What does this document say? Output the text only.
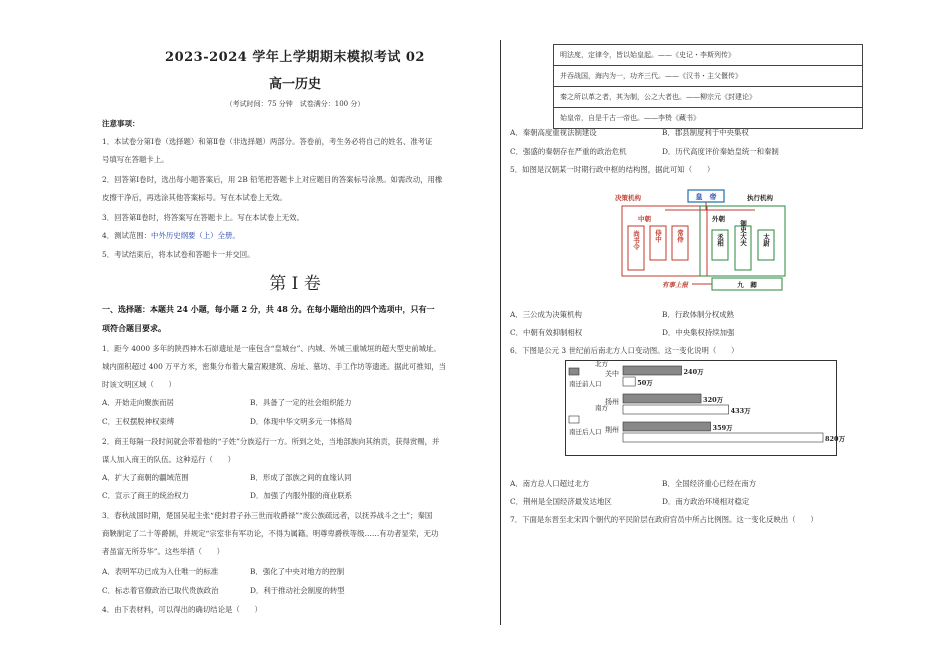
2023-2024 学年上学期期末模拟考试 02
高一历史
（考试时间：75 分钟　试卷满分：100 分）
注意事项：
1．本试卷分第Ⅰ卷（选择题）和第Ⅱ卷（非选择题）两部分。答卷前，考生务必将自己的姓名、准考证
号填写在答题卡上。
2．回答第Ⅰ卷时，选出每小题答案后，用 2B 铅笔把答题卡上对应题目的答案标号涂黑。如需改动，用橡
皮擦干净后，再选涂其他答案标号。写在本试卷上无效。
3．回答第Ⅱ卷时，将答案写在答题卡上。写在本试卷上无效。
4．测试范围：中外历史纲要（上）全册。
5．考试结束后，将本试卷和答题卡一并交回。
第 I 卷
一、选择题：本题共 24 小题，每小题 2 分，共 48 分。在每小题给出的四个选项中，只有一
项符合题目要求。
1．距今 4000 多年的陕西神木石峁遗址是一座包含“皇城台”、内城、外城三重城垣的超大型史前城址。
城内面积超过 400 万平方米，密集分布着大量宫殿建筑、房址、墓坊、手工作坊等遗迹。据此可推知，当
时该文明区域（　　）
A．开始走向聚族而居	B．具备了一定的社会组织能力
C．王权摆脱神权束缚	D．体现中华文明多元一体格局
2．商王每隔一段时间就会带着他的“子姓”分族巡行一方。所到之处，当地部族向其纳贡，获得赏赐，并
谋人加入商王的队伍。这种巡行（　　）
A．扩大了商朝的疆域范围	B．形成了部族之间的血缘认同
C．宣示了商王的统治权力	D．加强了内服外服的商业联系
3．春秋战国时期，楚国吴起主张“使封君子孙三世而收爵禄”“废公族疏远者，以抚养战斗之士”；秦国
商鞅制定了二十等爵制，并规定“宗室非有军功论，不得为属籍。明尊卑爵秩等级……有功者显荣，无功
者虽富无所芬华”。这些举措（　　）
A．表明军功已成为入仕唯一的标准	B．强化了中央对地方的控制
C．标志着官僚政治已取代贵族政治	D．利于推动社会制度的转型
4．由下表材料，可以得出的确切结论是（　　）
明法度，定律令，皆以始皇起。——《史记・李斯列传》
并吞战国，海内为一，功齐三代。——《汉书・主父偃传》
秦之所以革之者，其为制，公之大者也。——柳宗元《封建论》
始皇帝，自是千古一帝也。——李贽《藏书》
A．秦朝高度重视法制建设	B．郡县制度利于中央集权
C．强盛的秦朝存在严重的政治危机	D．历代高度评价秦始皇统一和秦制
5．如图是汉朝某一时期行政中枢的结构图，据此可知（　　）
皇　帝
决策机构	执行机构
中朝	外朝
尚书令 侍中 常侍	丞相 御史大夫 太尉
有事上报	九　卿
A．三公成为决策机构	B．行政体制分权成熟
C．中朝有效抑制相权	D．中央集权持续加强
6．下图是公元 3 世纪前后南北方人口变动图。这一变化说明（　　）
关中	240万
50万
扬州	320万
433万
荆州	359万
820万
南迁前人口
南迁后人口
北方
南方
A．南方总人口超过北方	B．全国经济重心已经在南方
C．荆州是全国经济最发达地区	D．南方政治环境相对稳定
7．下面是东晋至北宋四个朝代的平民阶层在政府官员中所占比例图。这一变化反映出（　　）
